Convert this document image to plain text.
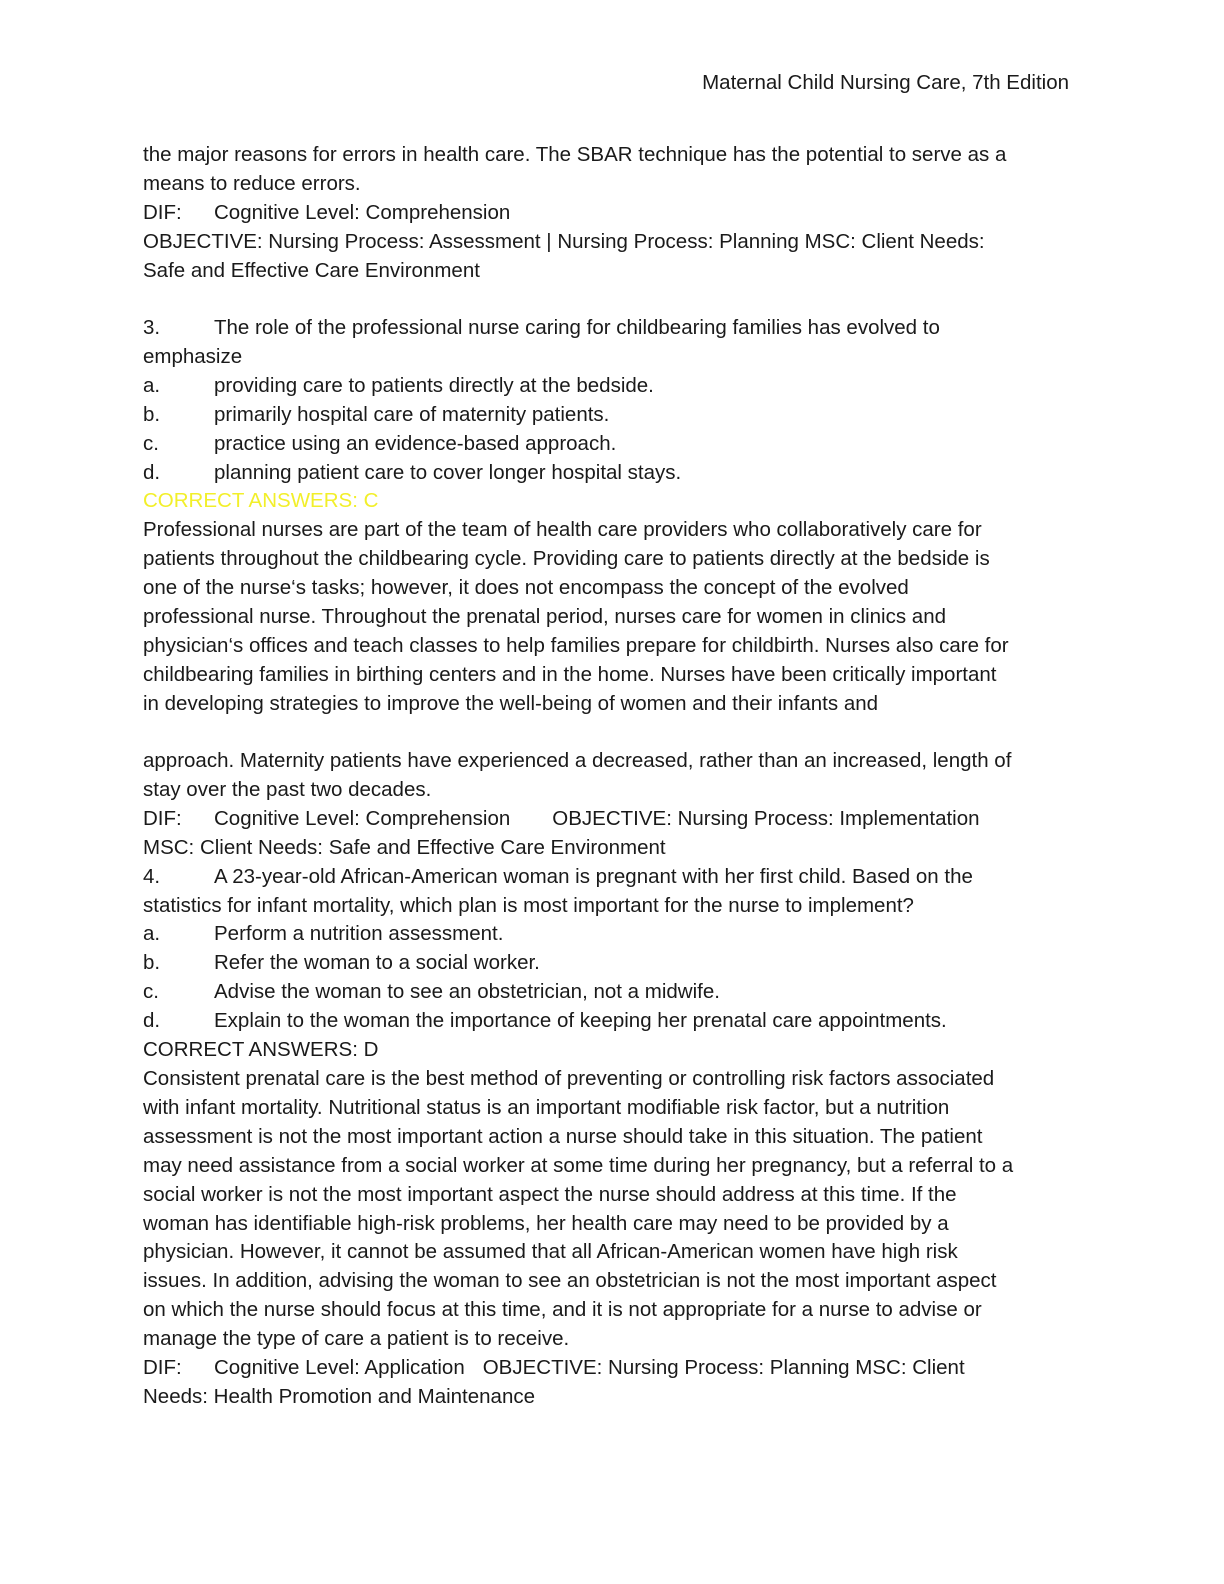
Maternal Child Nursing Care, 7th Edition
the major reasons for errors in health care. The SBAR technique has the potential to serve as a
means to reduce errors.
DIF: Cognitive Level: Comprehension
OBJECTIVE: Nursing Process: Assessment | Nursing Process: Planning MSC: Client Needs:
Safe and Effective Care Environment
3.	The role of the professional nurse caring for childbearing families has evolved to
emphasize
a.	providing care to patients directly at the bedside.
b.	primarily hospital care of maternity patients.
c.	practice using an evidence-based approach.
d.	planning patient care to cover longer hospital stays.
CORRECT ANSWERS: C
Professional nurses are part of the team of health care providers who collaboratively care for
patients throughout the childbearing cycle. Providing care to patients directly at the bedside is
one of the nurse‘s tasks; however, it does not encompass the concept of the evolved
professional nurse. Throughout the prenatal period, nurses care for women in clinics and
physician‘s offices and teach classes to help families prepare for childbirth. Nurses also care for
childbearing families in birthing centers and in the home. Nurses have been critically important
in developing strategies to improve the well-being of women and their infants and
approach. Maternity patients have experienced a decreased, rather than an increased, length of
stay over the past two decades.
DIF: Cognitive Level: Comprehension OBJECTIVE: Nursing Process: Implementation
MSC: Client Needs: Safe and Effective Care Environment
4.	A 23-year-old African-American woman is pregnant with her first child. Based on the
statistics for infant mortality, which plan is most important for the nurse to implement?
a.	Perform a nutrition assessment.
b.	Refer the woman to a social worker.
c.	Advise the woman to see an obstetrician, not a midwife.
d.	Explain to the woman the importance of keeping her prenatal care appointments.
CORRECT ANSWERS: D
Consistent prenatal care is the best method of preventing or controlling risk factors associated
with infant mortality. Nutritional status is an important modifiable risk factor, but a nutrition
assessment is not the most important action a nurse should take in this situation. The patient
may need assistance from a social worker at some time during her pregnancy, but a referral to a
social worker is not the most important aspect the nurse should address at this time. If the
woman has identifiable high-risk problems, her health care may need to be provided by a
physician. However, it cannot be assumed that all African-American women have high risk
issues. In addition, advising the woman to see an obstetrician is not the most important aspect
on which the nurse should focus at this time, and it is not appropriate for a nurse to advise or
manage the type of care a patient is to receive.
DIF: Cognitive Level: Application OBJECTIVE: Nursing Process: Planning MSC: Client
Needs: Health Promotion and Maintenance
